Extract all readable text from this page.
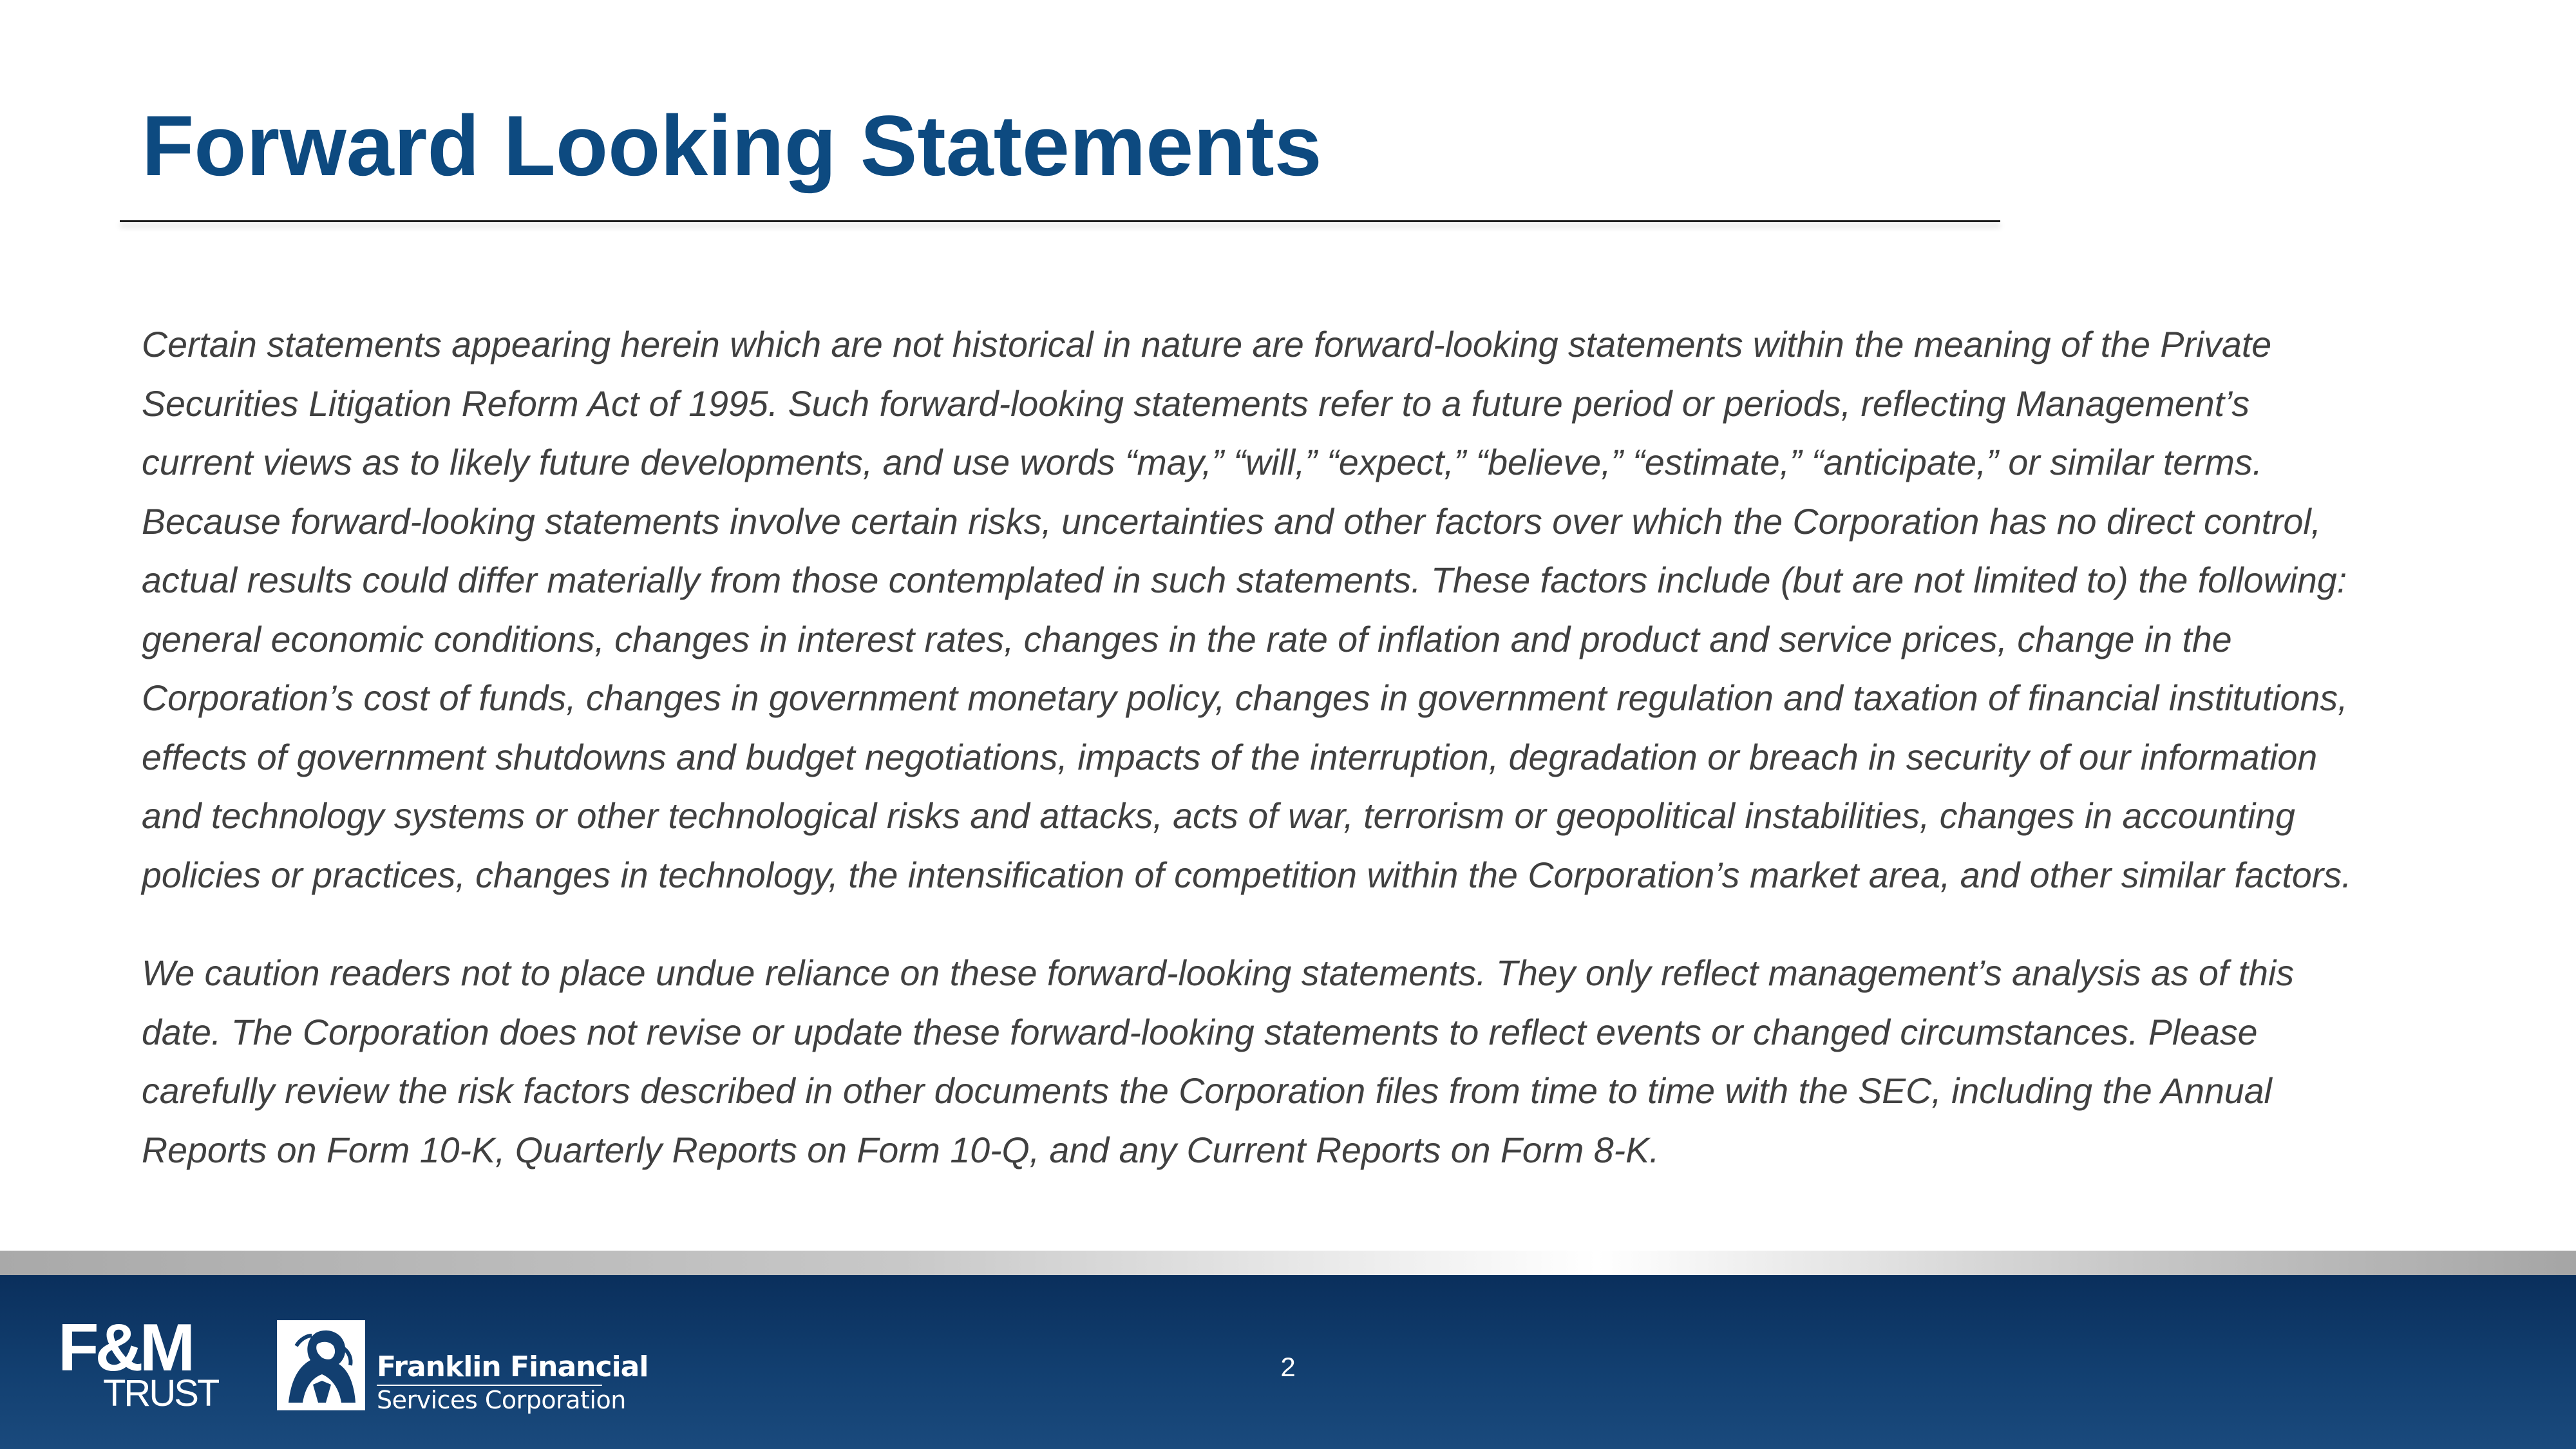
Forward Looking Statements

Certain statements appearing herein which are not historical in nature are forward-looking statements within the meaning of the Private Securities Litigation Reform Act of 1995. Such forward-looking statements refer to a future period or periods, reflecting Management’s current views as to likely future developments, and use words “may,” “will,” “expect,” “believe,” “estimate,” “anticipate,” or similar terms. Because forward-looking statements involve certain risks, uncertainties and other factors over which the Corporation has no direct control, actual results could differ materially from those contemplated in such statements. These factors include (but are not limited to) the following: general economic conditions, changes in interest rates, changes in the rate of inflation and product and service prices, change in the Corporation’s cost of funds, changes in government monetary policy, changes in government regulation and taxation of financial institutions, effects of government shutdowns and budget negotiations, impacts of the interruption, degradation or breach in security of our information and technology systems or other technological risks and attacks, acts of war, terrorism or geopolitical instabilities, changes in accounting policies or practices, changes in technology, the intensification of competition within the Corporation’s market area, and other similar factors.

We caution readers not to place undue reliance on these forward-looking statements. They only reflect management’s analysis as of this date. The Corporation does not revise or update these forward-looking statements to reflect events or changed circumstances. Please carefully review the risk factors described in other documents the Corporation files from time to time with the SEC, including the Annual Reports on Form 10-K, Quarterly Reports on Form 10-Q, and any Current Reports on Form 8-K.

F&M
TRUST
Franklin Financial
Services Corporation
2
